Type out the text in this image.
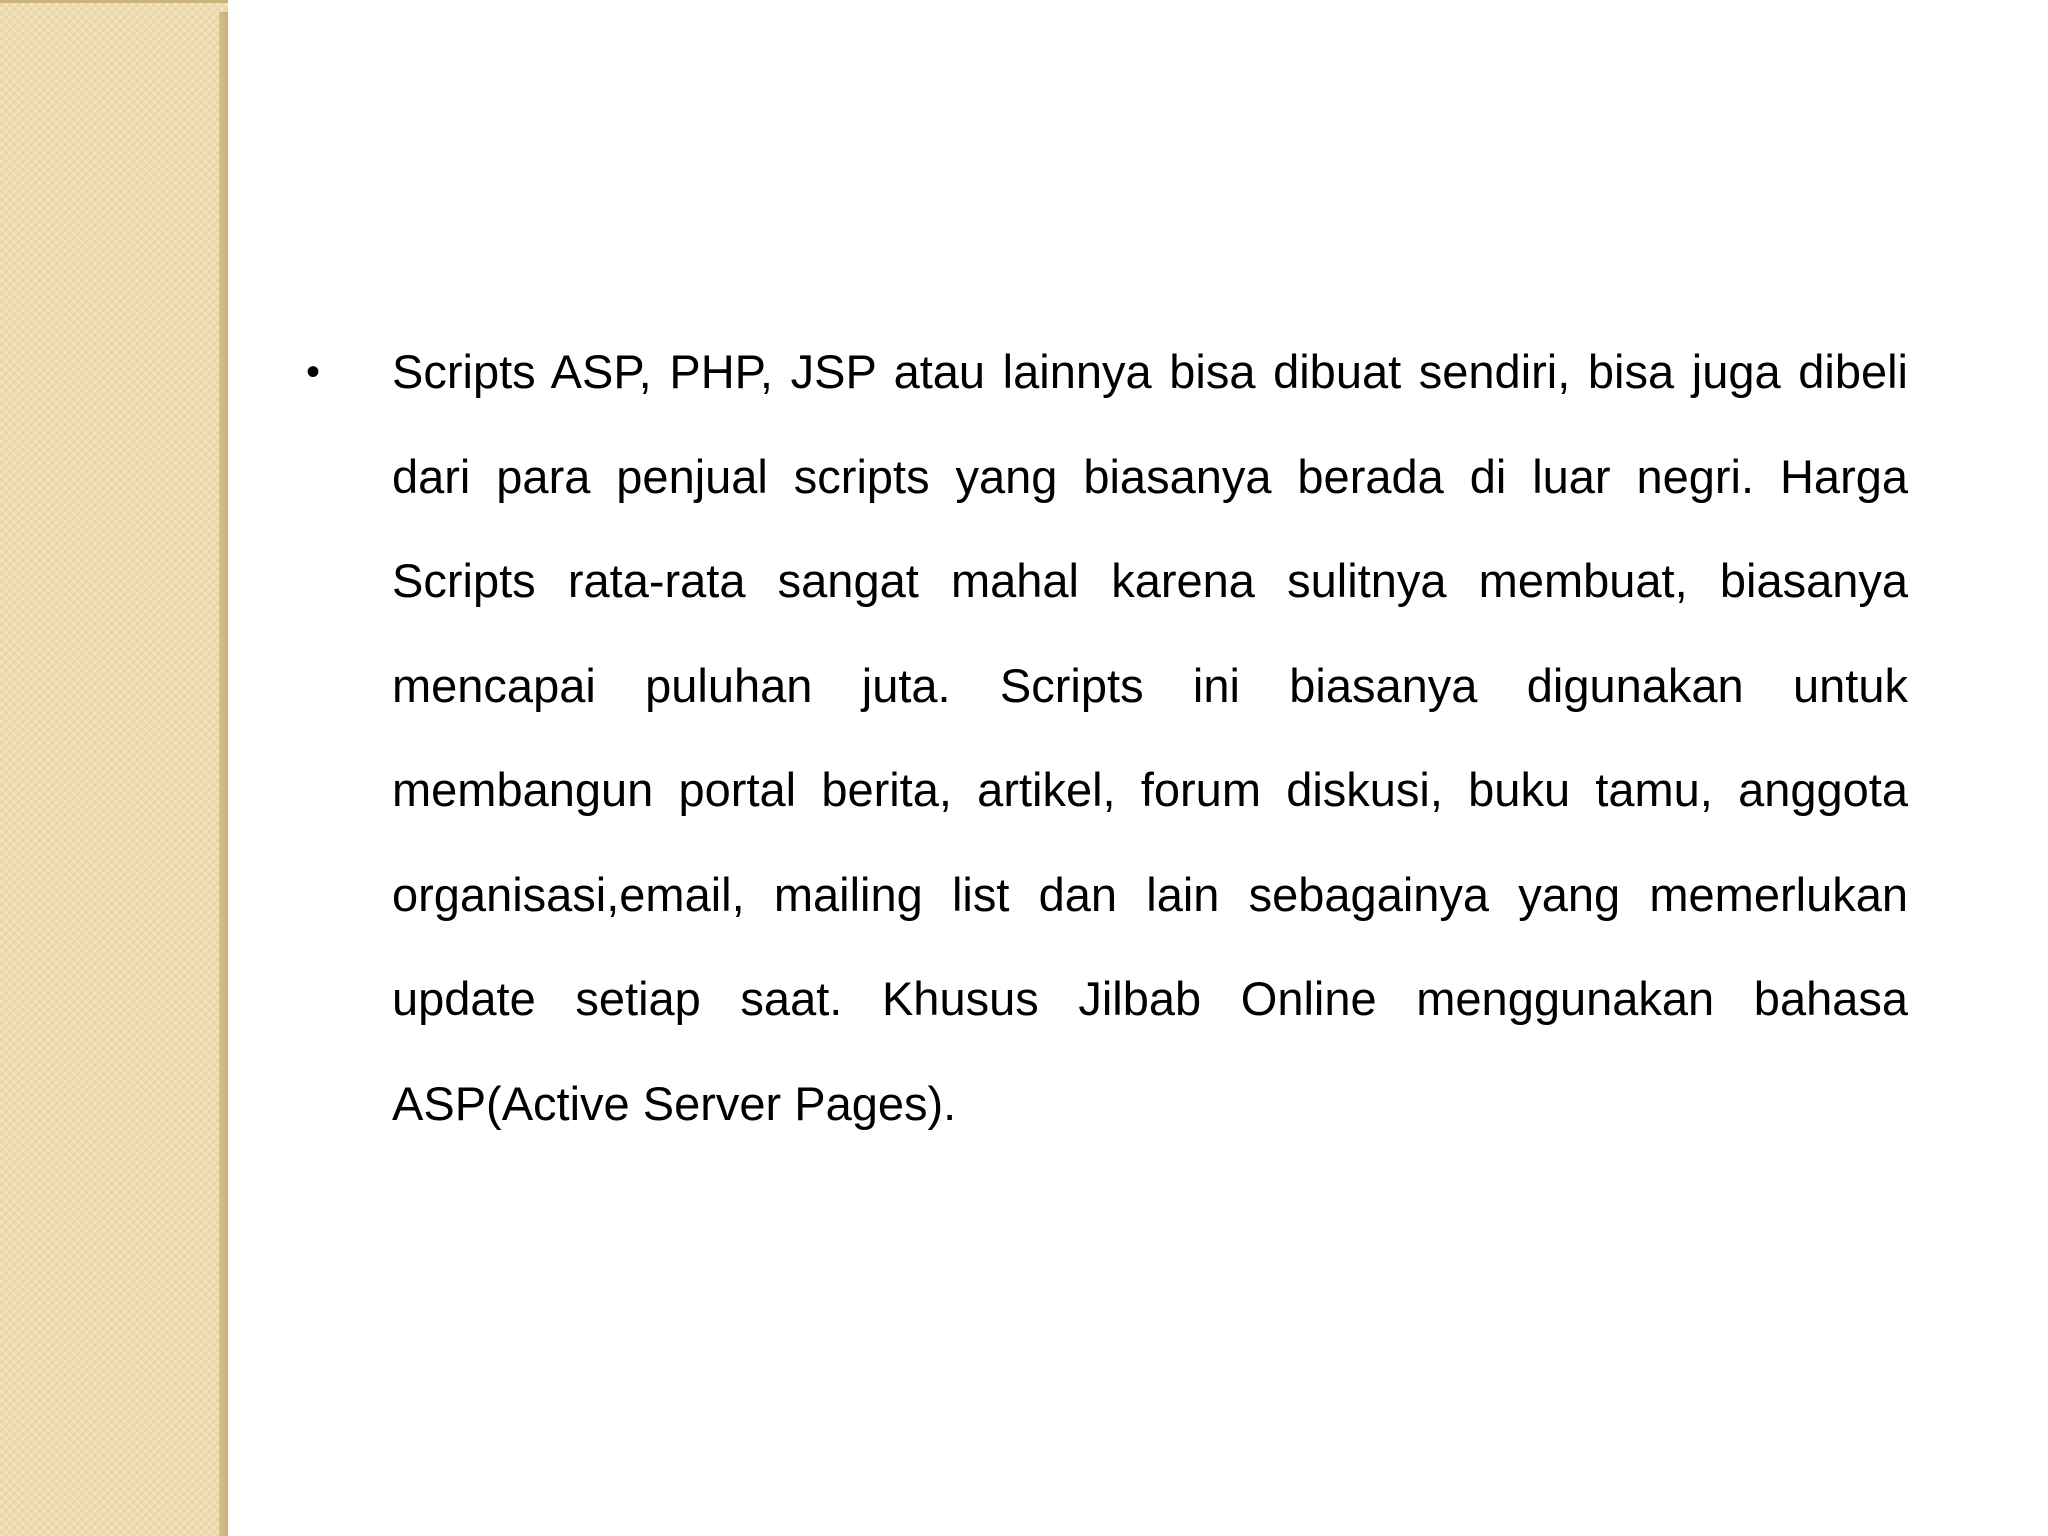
•	Scripts ASP, PHP, JSP atau lainnya bisa dibuat sendiri, bisa juga dibeli dari para penjual scripts yang biasanya berada di luar negri. Harga Scripts rata-rata sangat mahal karena sulitnya membuat, biasanya mencapai puluhan juta. Scripts ini biasanya digunakan untuk membangun portal berita, artikel, forum diskusi, buku tamu, anggota organisasi,email, mailing list dan lain sebagainya yang memerlukan update setiap saat. Khusus Jilbab Online menggunakan bahasa ASP(Active Server Pages).
